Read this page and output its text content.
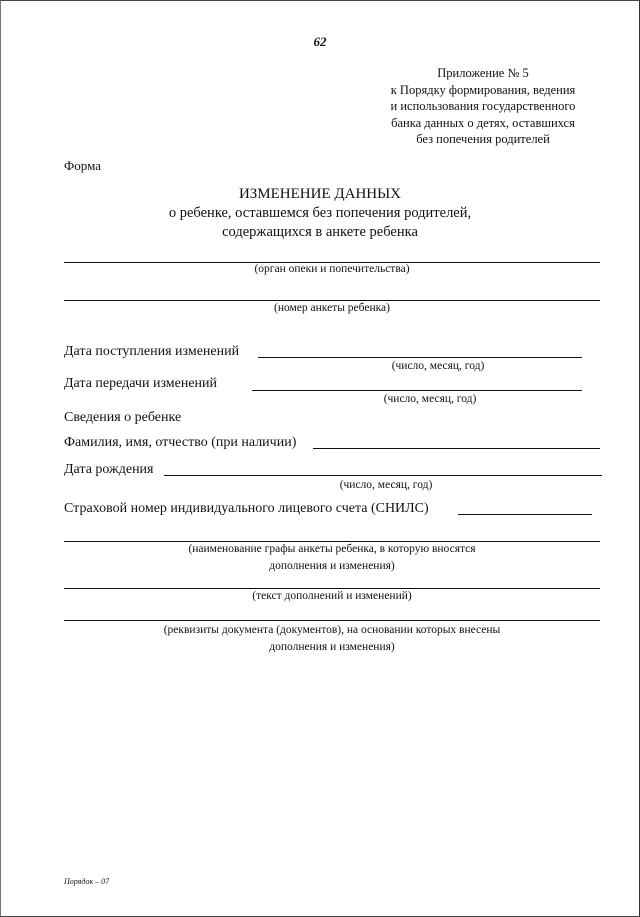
62
Приложение № 5
к Порядку формирования, ведения
и использования государственного
банка данных о детях, оставшихся
без попечения родителей
Форма
ИЗМЕНЕНИЕ ДАННЫХ
о ребенке, оставшемся без попечения родителей,
содержащихся в анкете ребенка
(орган опеки и попечительства)
(номер анкеты ребенка)
Дата поступления изменений
(число, месяц, год)
Дата передачи изменений
(число, месяц, год)
Сведения о ребенке
Фамилия, имя, отчество (при наличии)
Дата рождения
(число, месяц, год)
Страховой номер индивидуального лицевого счета (СНИЛС)
(наименование графы анкеты ребенка, в которую вносятся
дополнения и изменения)
(текст дополнений и изменений)
(реквизиты документа (документов), на основании которых внесены
дополнения и изменения)
Порядок – 07
